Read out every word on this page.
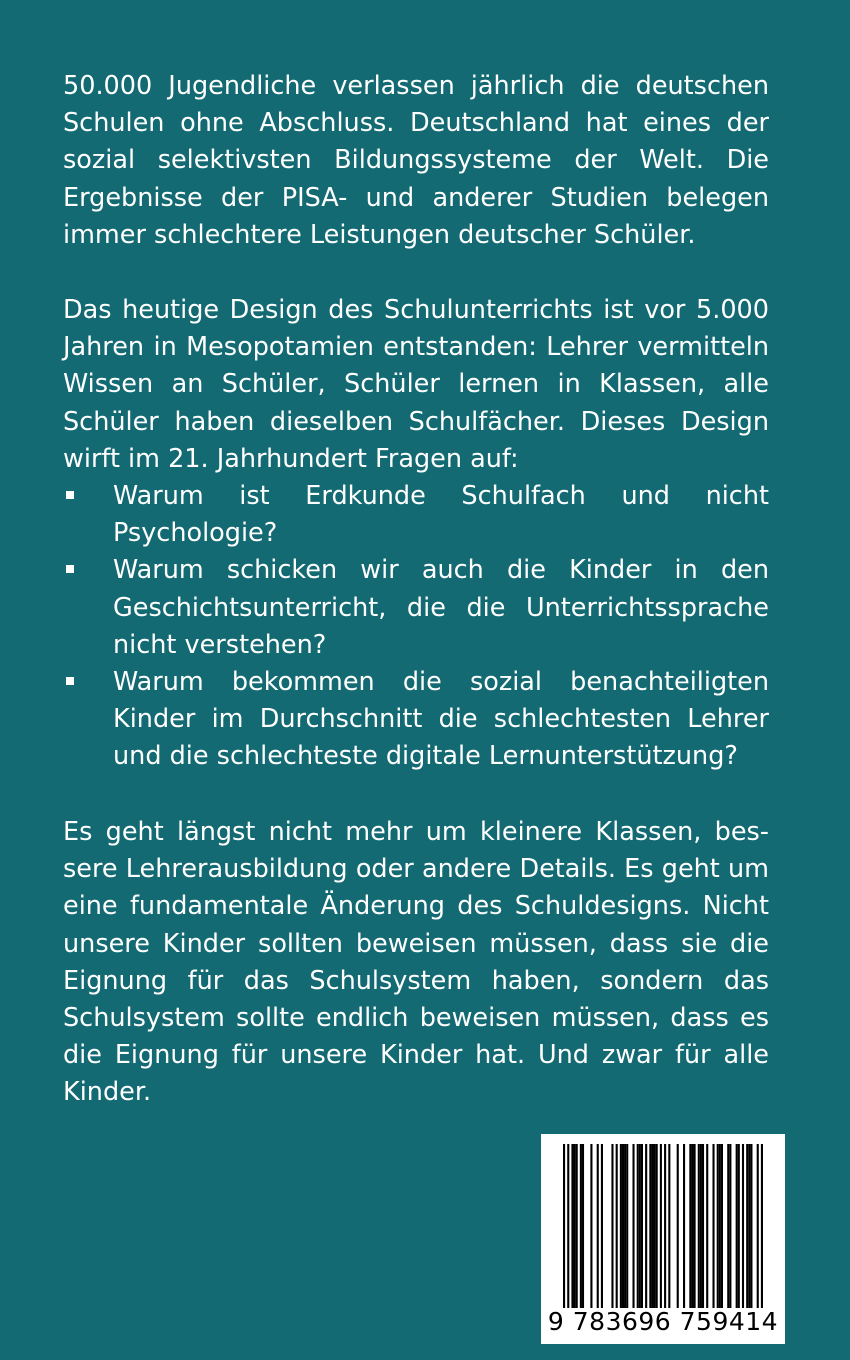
50.000 Jugendliche verlassen jährlich die deutschen Schulen ohne Abschluss. Deutschland hat eines der sozial selektivsten Bildungssysteme der Welt. Die Ergebnisse der PISA- und anderer Studien belegen immer schlechtere Leistungen deutscher Schüler.
Das heutige Design des Schulunterrichts ist vor 5.000 Jahren in Mesopotamien entstanden: Lehrer vermitteln Wissen an Schüler, Schüler lernen in Klassen, alle Schüler haben dieselben Schulfächer. Dieses Design wirft im 21. Jahrhundert Fragen auf:
Warum ist Erdkunde Schulfach und nicht Psychologie?
Warum schicken wir auch die Kinder in den Geschichtsunterricht, die die Unterrichtssprache nicht verstehen?
Warum bekommen die sozial benachteiligten Kinder im Durchschnitt die schlechtesten Lehrer und die schlechteste digitale Lernunterstützung?
Es geht längst nicht mehr um kleinere Klassen, bessere Lehrerausbildung oder andere Details. Es geht um eine fundamentale Änderung des Schuldesigns. Nicht unsere Kinder sollten beweisen müssen, dass sie die Eignung für das Schulsystem haben, sondern das Schulsystem sollte endlich beweisen müssen, dass es die Eignung für unsere Kinder hat. Und zwar für alle Kinder.
9 783696 759414
